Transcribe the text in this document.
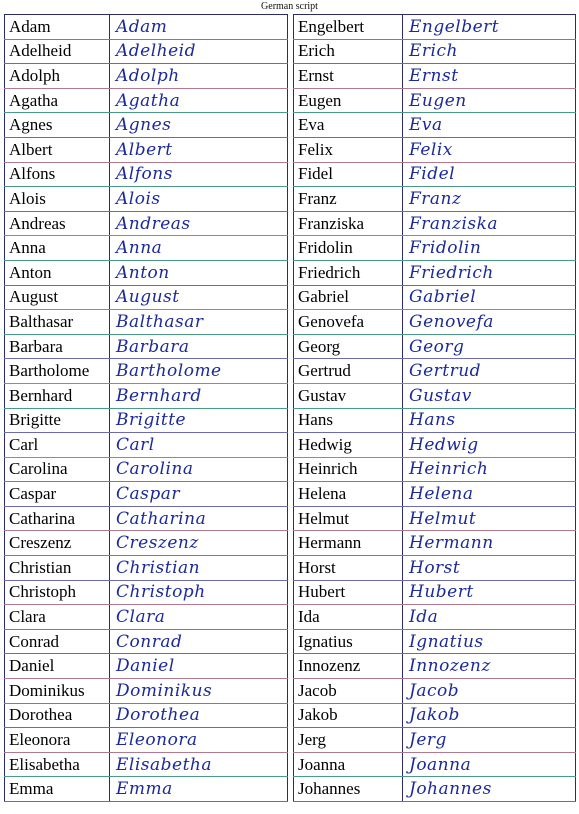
German script
Adam	Adam
Adelheid	Adelheid
Adolph	Adolph
Agatha	Agatha
Agnes	Agnes
Albert	Albert
Alfons	Alfons
Alois	Alois
Andreas	Andreas
Anna	Anna
Anton	Anton
August	August
Balthasar	Balthasar
Barbara	Barbara
Bartholome	Bartholome
Bernhard	Bernhard
Brigitte	Brigitte
Carl	Carl
Carolina	Carolina
Caspar	Caspar
Catharina	Catharina
Creszenz	Creszenz
Christian	Christian
Christoph	Christoph
Clara	Clara
Conrad	Conrad
Daniel	Daniel
Dominikus	Dominikus
Dorothea	Dorothea
Eleonora	Eleonora
Elisabetha	Elisabetha
Emma	Emma
Engelbert	Engelbert
Erich	Erich
Ernst	Ernst
Eugen	Eugen
Eva	Eva
Felix	Felix
Fidel	Fidel
Franz	Franz
Franziska	Franziska
Fridolin	Fridolin
Friedrich	Friedrich
Gabriel	Gabriel
Genovefa	Genovefa
Georg	Georg
Gertrud	Gertrud
Gustav	Gustav
Hans	Hans
Hedwig	Hedwig
Heinrich	Heinrich
Helena	Helena
Helmut	Helmut
Hermann	Hermann
Horst	Horst
Hubert	Hubert
Ida	Ida
Ignatius	Ignatius
Innozenz	Innozenz
Jacob	Jacob
Jakob	Jakob
Jerg	Jerg
Joanna	Joanna
Johannes	Johannes
